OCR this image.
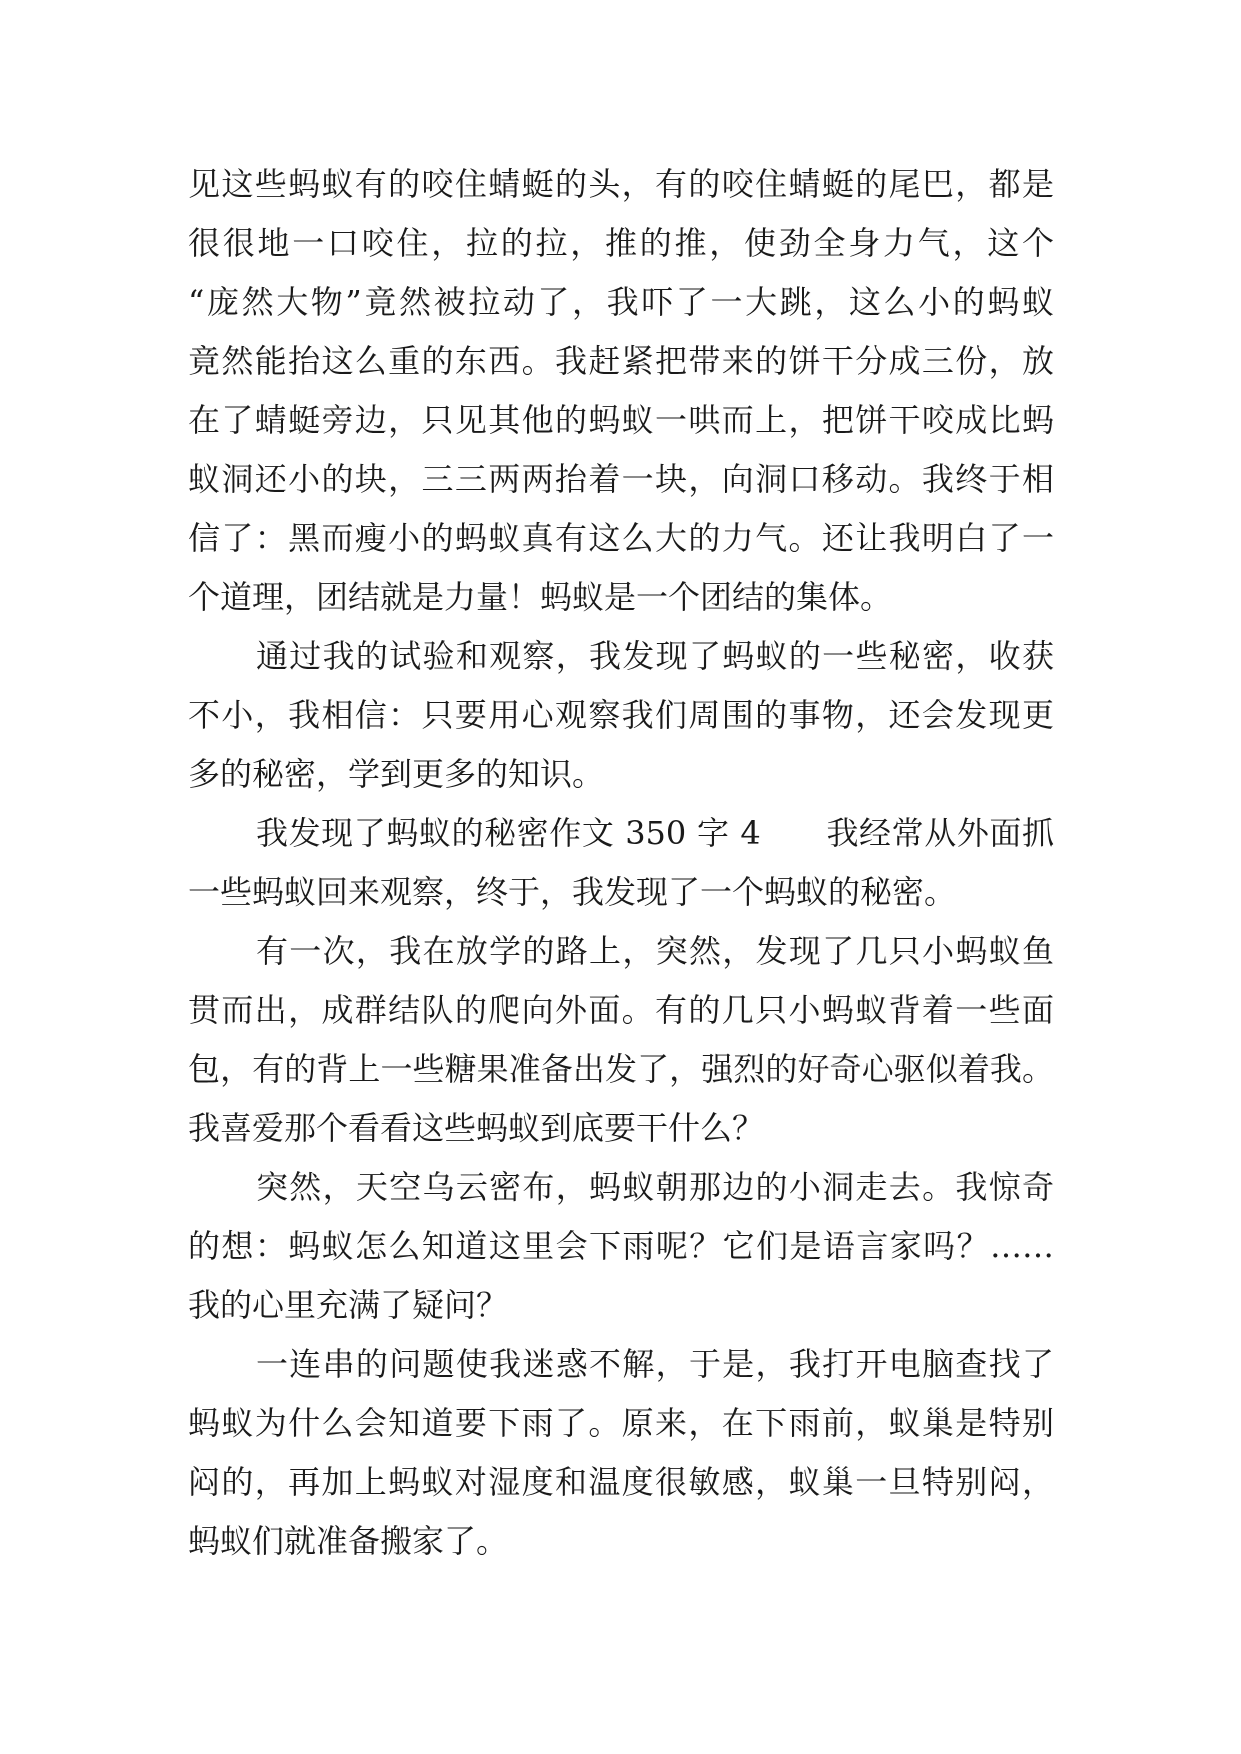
见这些蚂蚁有的咬住蜻蜓的头，有的咬住蜻蜓的尾巴，都是
很很地一口咬住，拉的拉，推的推，使劲全身力气，这个
“庞然大物”竟然被拉动了，我吓了一大跳，这么小的蚂蚁
竟然能抬这么重的东西。我赶紧把带来的饼干分成三份，放
在了蜻蜓旁边，只见其他的蚂蚁一哄而上，把饼干咬成比蚂
蚁洞还小的块，三三两两抬着一块，向洞口移动。我终于相
信了：黑而瘦小的蚂蚁真有这么大的力气。还让我明白了一
个道理，团结就是力量！蚂蚁是一个团结的集体。
通过我的试验和观察，我发现了蚂蚁的一些秘密，收获
不小，我相信：只要用心观察我们周围的事物，还会发现更
多的秘密，学到更多的知识。
我发现了蚂蚁的秘密作文 350 字 4　　我经常从外面抓
一些蚂蚁回来观察，终于，我发现了一个蚂蚁的秘密。
有一次，我在放学的路上，突然，发现了几只小蚂蚁鱼
贯而出，成群结队的爬向外面。有的几只小蚂蚁背着一些面
包，有的背上一些糖果准备出发了，强烈的好奇心驱似着我。
我喜爱那个看看这些蚂蚁到底要干什么？
突然，天空乌云密布，蚂蚁朝那边的小洞走去。我惊奇
的想：蚂蚁怎么知道这里会下雨呢？它们是语言家吗？……
我的心里充满了疑问？
一连串的问题使我迷惑不解，于是，我打开电脑查找了
蚂蚁为什么会知道要下雨了。原来，在下雨前，蚁巢是特别
闷的，再加上蚂蚁对湿度和温度很敏感，蚁巢一旦特别闷，
蚂蚁们就准备搬家了。
